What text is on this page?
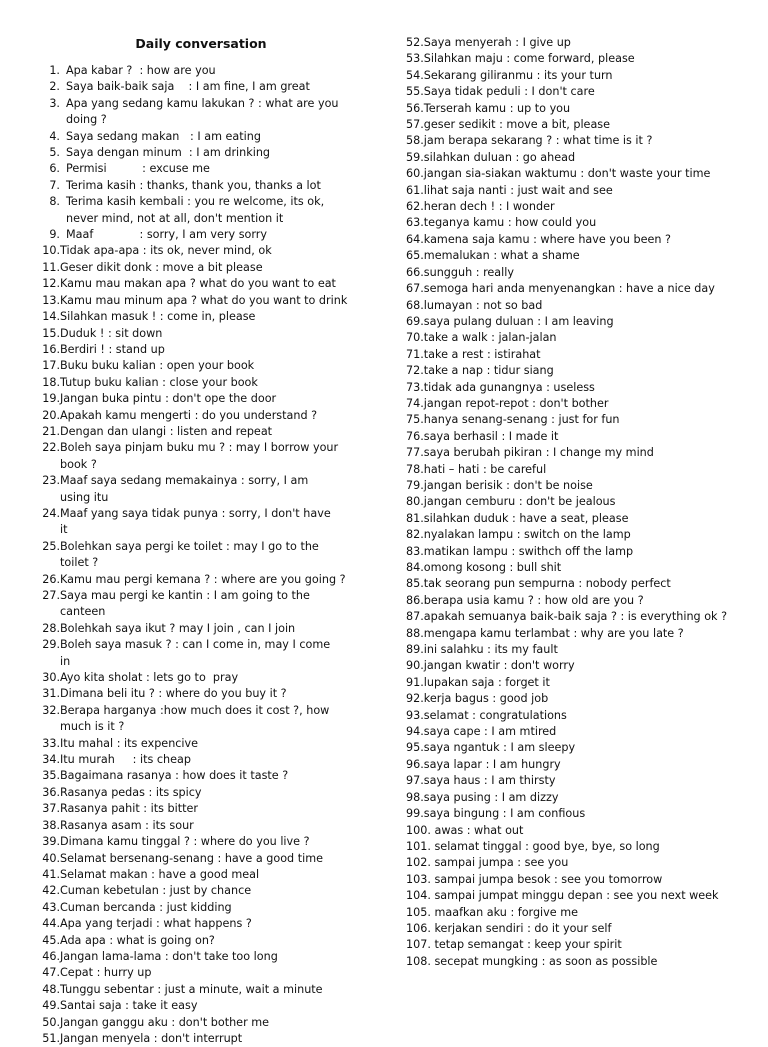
Daily conversation
1. Apa kabar ?  : how are you
2. Saya baik-baik saja    : I am fine, I am great
3. Apa yang sedang kamu lakukan ? : what are you doing ?
4. Saya sedang makan   : I am eating
5. Saya dengan minum  : I am drinking
6. Permisi          : excuse me
7. Terima kasih : thanks, thank you, thanks a lot
8. Terima kasih kembali : you re welcome, its ok, never mind, not at all, don't mention it
9. Maaf             : sorry, I am very sorry
10. Tidak apa-apa : its ok, never mind, ok
11. Geser dikit donk : move a bit please
12. Kamu mau makan apa ? what do you want to eat
13. Kamu mau minum apa ? what do you want to drink
14. Silahkan masuk ! : come in, please
15. Duduk ! : sit down
16. Berdiri ! : stand up
17. Buku buku kalian : open your book
18. Tutup buku kalian : close your book
19. Jangan buka pintu : don't ope the door
20. Apakah kamu mengerti : do you understand ?
21. Dengan dan ulangi : listen and repeat
22. Boleh saya pinjam buku mu ? : may I borrow your book ?
23. Maaf saya sedang memakainya : sorry, I am using itu
24. Maaf yang saya tidak punya : sorry, I don't have it
25. Bolehkan saya pergi ke toilet : may I go to the toilet ?
26. Kamu mau pergi kemana ? : where are you going ?
27. Saya mau pergi ke kantin : I am going to the canteen
28. Bolehkah saya ikut ? may I join , can I join
29. Boleh saya masuk ? : can I come in, may I come in
30. Ayo kita sholat : lets go to  pray
31. Dimana beli itu ? : where do you buy it ?
32. Berapa harganya :how much does it cost ?, how much is it ?
33. Itu mahal : its expencive
34. Itu murah     : its cheap
35. Bagaimana rasanya : how does it taste ?
36. Rasanya pedas : its spicy
37. Rasanya pahit : its bitter
38. Rasanya asam : its sour
39. Dimana kamu tinggal ? : where do you live ?
40. Selamat bersenang-senang : have a good time
41. Selamat makan : have a good meal
42. Cuman kebetulan : just by chance
43. Cuman bercanda : just kidding
44. Apa yang terjadi : what happens ?
45. Ada apa : what is going on?
46. Jangan lama-lama : don't take too long
47. Cepat : hurry up
48. Tunggu sebentar : just a minute, wait a minute
49. Santai saja : take it easy
50. Jangan ganggu aku : don't bother me
51. Jangan menyela : don't interrupt
52. Saya menyerah : I give up
53. Silahkan maju : come forward, please
54. Sekarang giliranmu : its your turn
55. Saya tidak peduli : I don't care
56. Terserah kamu : up to you
57. geser sedikit : move a bit, please
58. jam berapa sekarang ? : what time is it ?
59. silahkan duluan : go ahead
60. jangan sia-siakan waktumu : don't waste your time
61. lihat saja nanti : just wait and see
62. heran dech ! : I wonder
63. teganya kamu : how could you
64. kamena saja kamu : where have you been ?
65. memalukan : what a shame
66. sungguh : really
67. semoga hari anda menyenangkan : have a nice day
68. lumayan : not so bad
69. saya pulang duluan : I am leaving
70. take a walk : jalan-jalan
71. take a rest : istirahat
72. take a nap : tidur siang
73. tidak ada gunangnya : useless
74. jangan repot-repot : don't bother
75. hanya senang-senang : just for fun
76. saya berhasil : I made it
77. saya berubah pikiran : I change my mind
78. hati – hati : be careful
79. jangan berisik : don't be noise
80. jangan cemburu : don't be jealous
81. silahkan duduk : have a seat, please
82. nyalakan lampu : switch on the lamp
83. matikan lampu : swithch off the lamp
84. omong kosong : bull shit
85. tak seorang pun sempurna : nobody perfect
86. berapa usia kamu ? : how old are you ?
87. apakah semuanya baik-baik saja ? : is everything ok ?
88. mengapa kamu terlambat : why are you late ?
89. ini salahku : its my fault
90. jangan kwatir : don't worry
91. lupakan saja : forget it
92. kerja bagus : good job
93. selamat : congratulations
94. saya cape : I am mtired
95. saya ngantuk : I am sleepy
96. saya lapar : I am hungry
97. saya haus : I am thirsty
98. saya pusing : I am dizzy
99. saya bingung : I am confious
100. awas : what out
101. selamat tinggal : good bye, bye, so long
102. sampai jumpa : see you
103. sampai jumpa besok : see you tomorrow
104. sampai jumpat minggu depan : see you next week
105. maafkan aku : forgive me
106. kerjakan sendiri : do it your self
107. tetap semangat : keep your spirit
108. secepat mungking : as soon as possible
